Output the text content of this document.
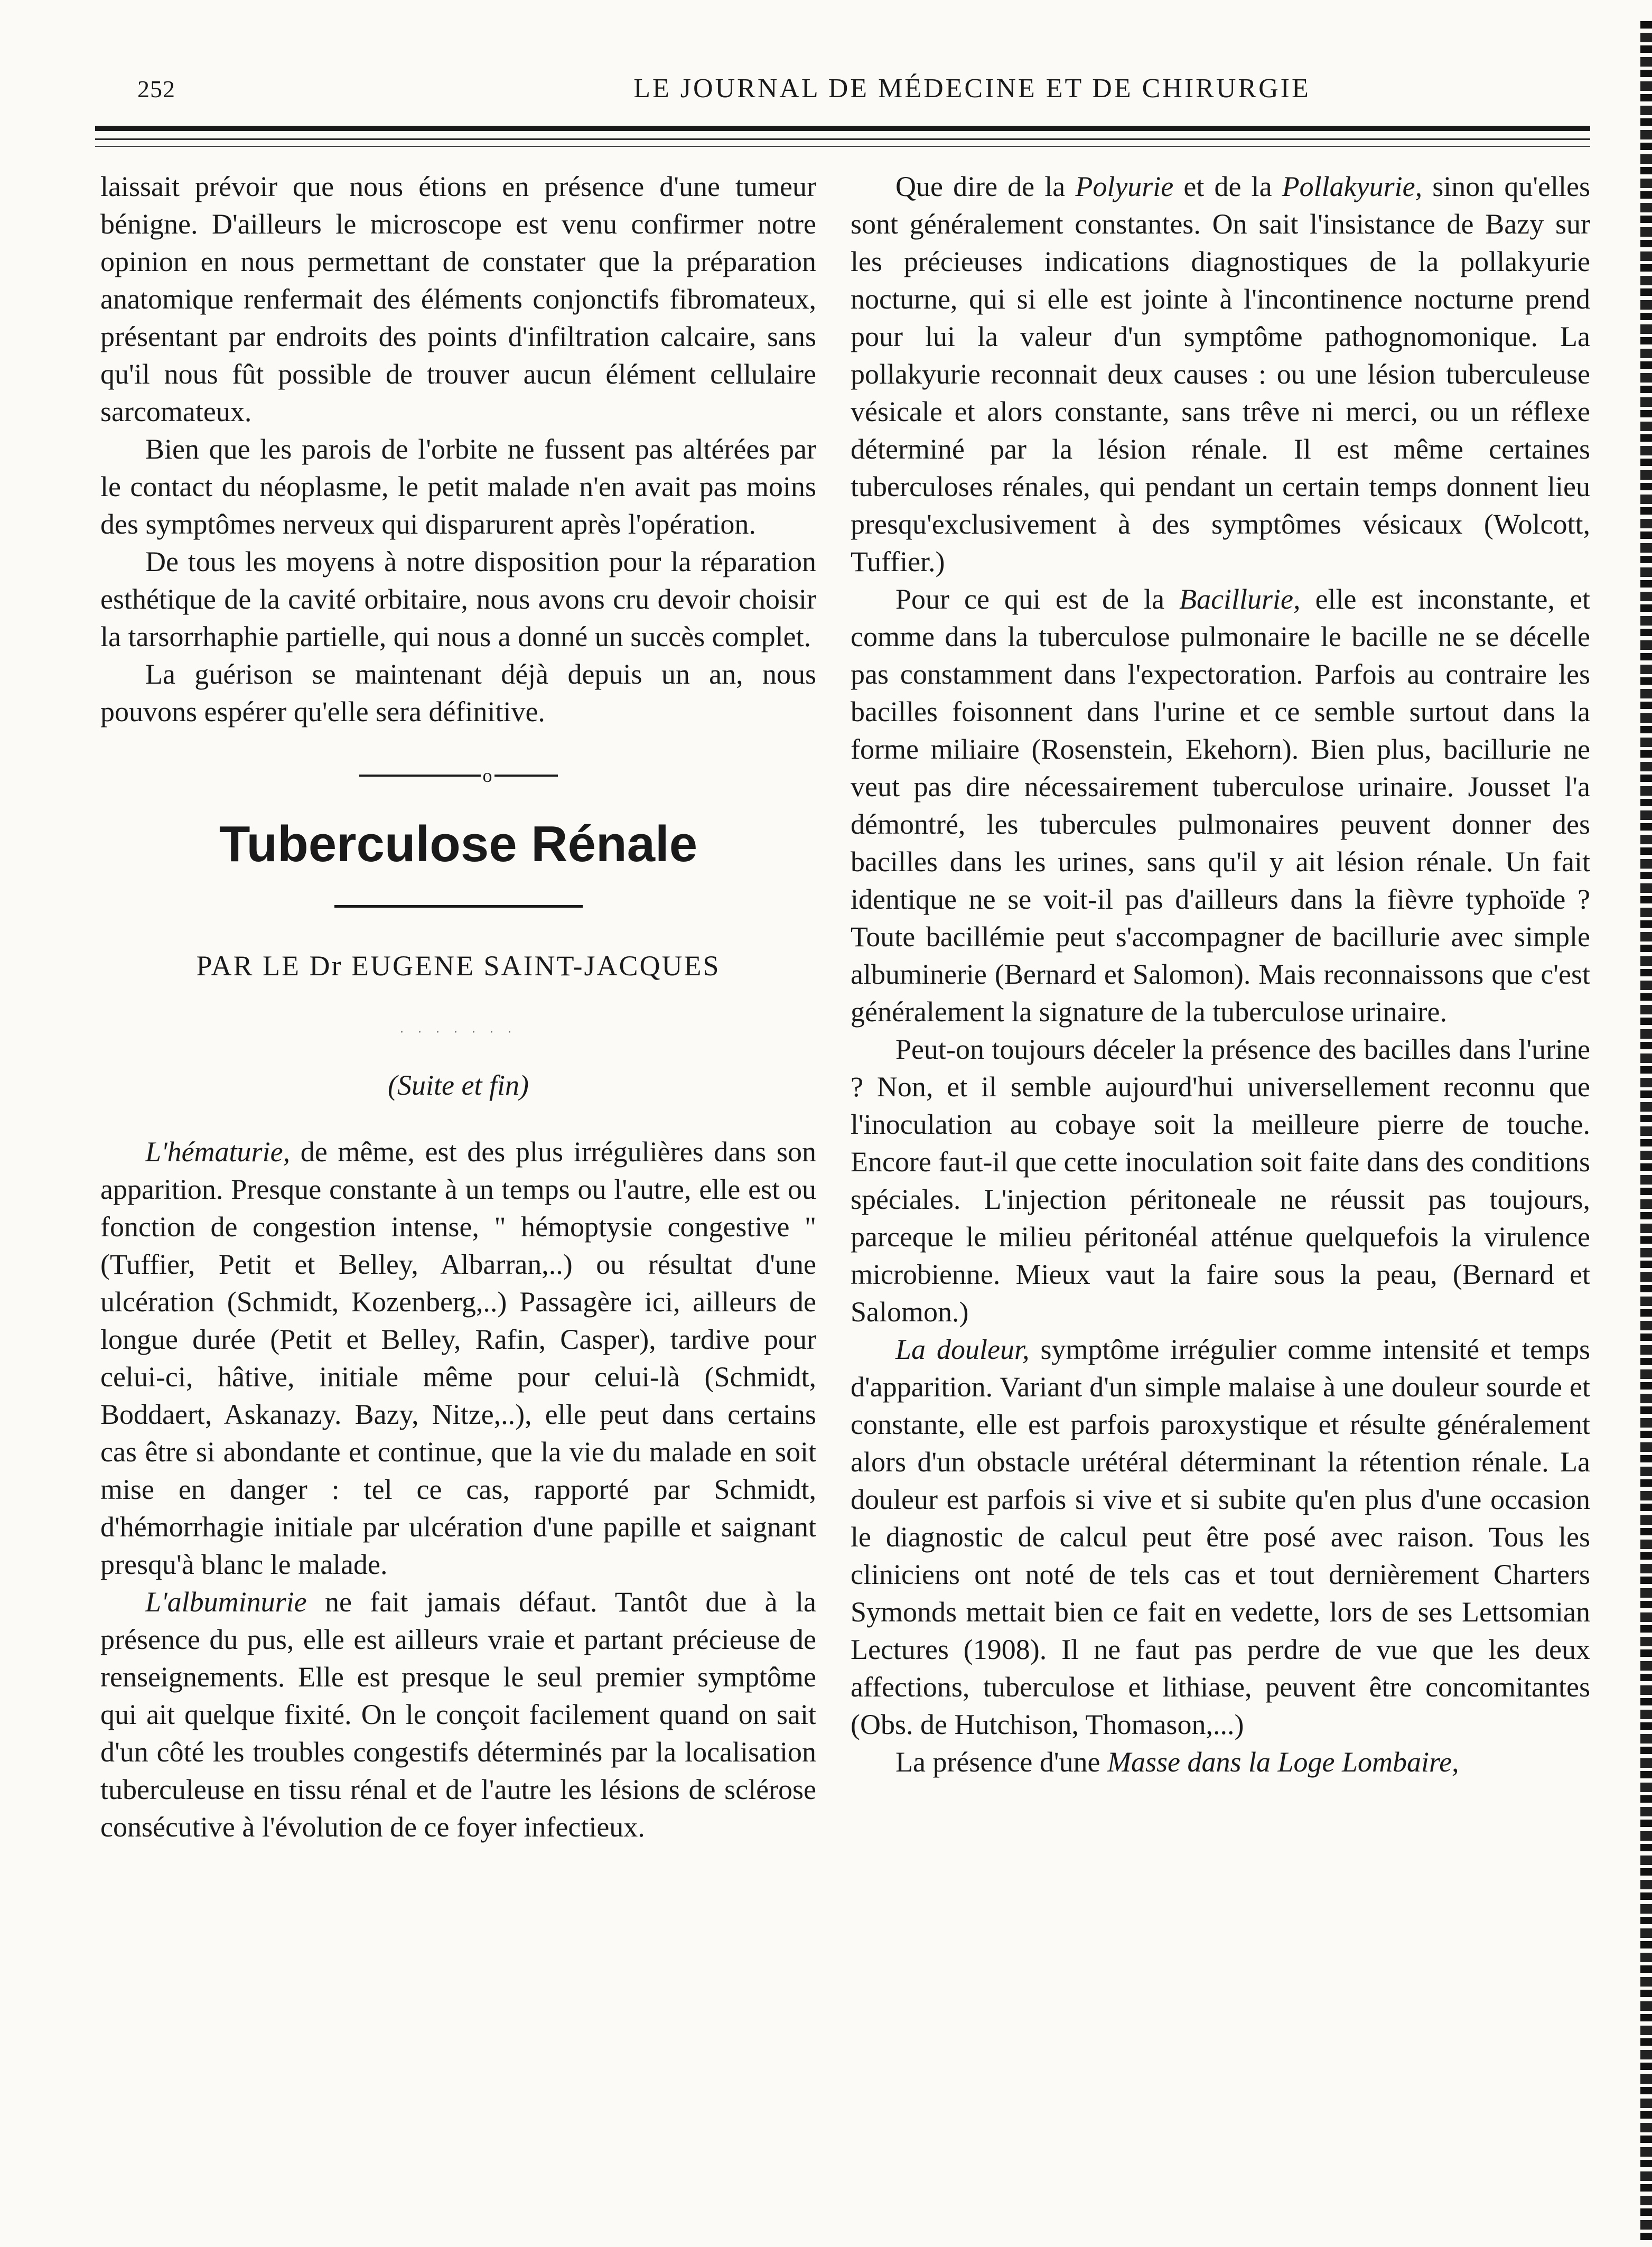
252	LE JOURNAL DE MÉDECINE ET DE CHIRURGIE

laissait prévoir que nous étions en présence d'une tumeur bénigne. D'ailleurs le microscope est venu confirmer notre opinion en nous permettant de constater que la préparation anatomique renfermait des éléments conjonctifs fibromateux, présentant par endroits des points d'infiltration calcaire, sans qu'il nous fût possible de trouver aucun élément cellulaire sarcomateux.

Bien que les parois de l'orbite ne fussent pas altérées par le contact du néoplasme, le petit malade n'en avait pas moins des symptômes nerveux qui disparurent après l'opération.

De tous les moyens à notre disposition pour la réparation esthétique de la cavité orbitaire, nous avons cru devoir choisir la tarsorrhaphie partielle, qui nous a donné un succès complet.

La guérison se maintenant déjà depuis un an, nous pouvons espérer qu'elle sera définitive.

o
Tuberculose Rénale
PAR LE Dr EUGENE SAINT-JACQUES
· · · · · · ·
(Suite et fin)

L'hématurie, de même, est des plus irrégulières dans son apparition. Presque constante à un temps ou l'autre, elle est ou fonction de congestion intense, " hémoptysie congestive " (Tuffier, Petit et Belley, Albarran,..) ou résultat d'une ulcération (Schmidt, Kozenberg,..) Passagère ici, ailleurs de longue durée (Petit et Belley, Rafin, Casper), tardive pour celui-ci, hâtive, initiale même pour celui-là (Schmidt, Boddaert, Askanazy. Bazy, Nitze,..), elle peut dans certains cas être si abondante et continue, que la vie du malade en soit mise en danger : tel ce cas, rapporté par Schmidt, d'hémorrhagie initiale par ulcération d'une papille et saignant presqu'à blanc le malade.

L'albuminurie ne fait jamais défaut. Tantôt due à la présence du pus, elle est ailleurs vraie et partant précieuse de renseignements. Elle est presque le seul premier symptôme qui ait quelque fixité. On le conçoit facilement quand on sait d'un côté les troubles congestifs déterminés par la localisation tuberculeuse en tissu rénal et de l'autre les lésions de sclérose consécutive à l'évolution de ce foyer infectieux.

Que dire de la Polyurie et de la Pollakyurie, sinon qu'elles sont généralement constantes. On sait l'insistance de Bazy sur les précieuses indications diagnostiques de la pollakyurie nocturne, qui si elle est jointe à l'incontinence nocturne prend pour lui la valeur d'un symptôme pathognomonique. La pollakyurie reconnait deux causes : ou une lésion tuberculeuse vésicale et alors constante, sans trêve ni merci, ou un réflexe déterminé par la lésion rénale. Il est même certaines tuberculoses rénales, qui pendant un certain temps donnent lieu presqu'exclusivement à des symptômes vésicaux (Wolcott, Tuffier.)

Pour ce qui est de la Bacillurie, elle est inconstante, et comme dans la tuberculose pulmonaire le bacille ne se décelle pas constamment dans l'expectoration. Parfois au contraire les bacilles foisonnent dans l'urine et ce semble surtout dans la forme miliaire (Rosenstein, Ekehorn). Bien plus, bacillurie ne veut pas dire nécessairement tuberculose urinaire. Jousset l'a démontré, les tubercules pulmonaires peuvent donner des bacilles dans les urines, sans qu'il y ait lésion rénale. Un fait identique ne se voit-il pas d'ailleurs dans la fièvre typhoïde ? Toute bacillémie peut s'accompagner de bacillurie avec simple albuminerie (Bernard et Salomon). Mais reconnaissons que c'est généralement la signature de la tuberculose urinaire.

Peut-on toujours déceler la présence des bacilles dans l'urine ? Non, et il semble aujourd'hui universellement reconnu que l'inoculation au cobaye soit la meilleure pierre de touche. Encore faut-il que cette inoculation soit faite dans des conditions spéciales. L'injection péritoneale ne réussit pas toujours, parceque le milieu péritonéal atténue quelquefois la virulence microbienne. Mieux vaut la faire sous la peau, (Bernard et Salomon.)

La douleur, symptôme irrégulier comme intensité et temps d'apparition. Variant d'un simple malaise à une douleur sourde et constante, elle est parfois paroxystique et résulte généralement alors d'un obstacle urétéral déterminant la rétention rénale. La douleur est parfois si vive et si subite qu'en plus d'une occasion le diagnostic de calcul peut être posé avec raison. Tous les cliniciens ont noté de tels cas et tout dernièrement Charters Symonds mettait bien ce fait en vedette, lors de ses Lettsomian Lectures (1908). Il ne faut pas perdre de vue que les deux affections, tuberculose et lithiase, peuvent être concomitantes (Obs. de Hutchison, Thomason,...)

La présence d'une Masse dans la Loge Lombaire,
